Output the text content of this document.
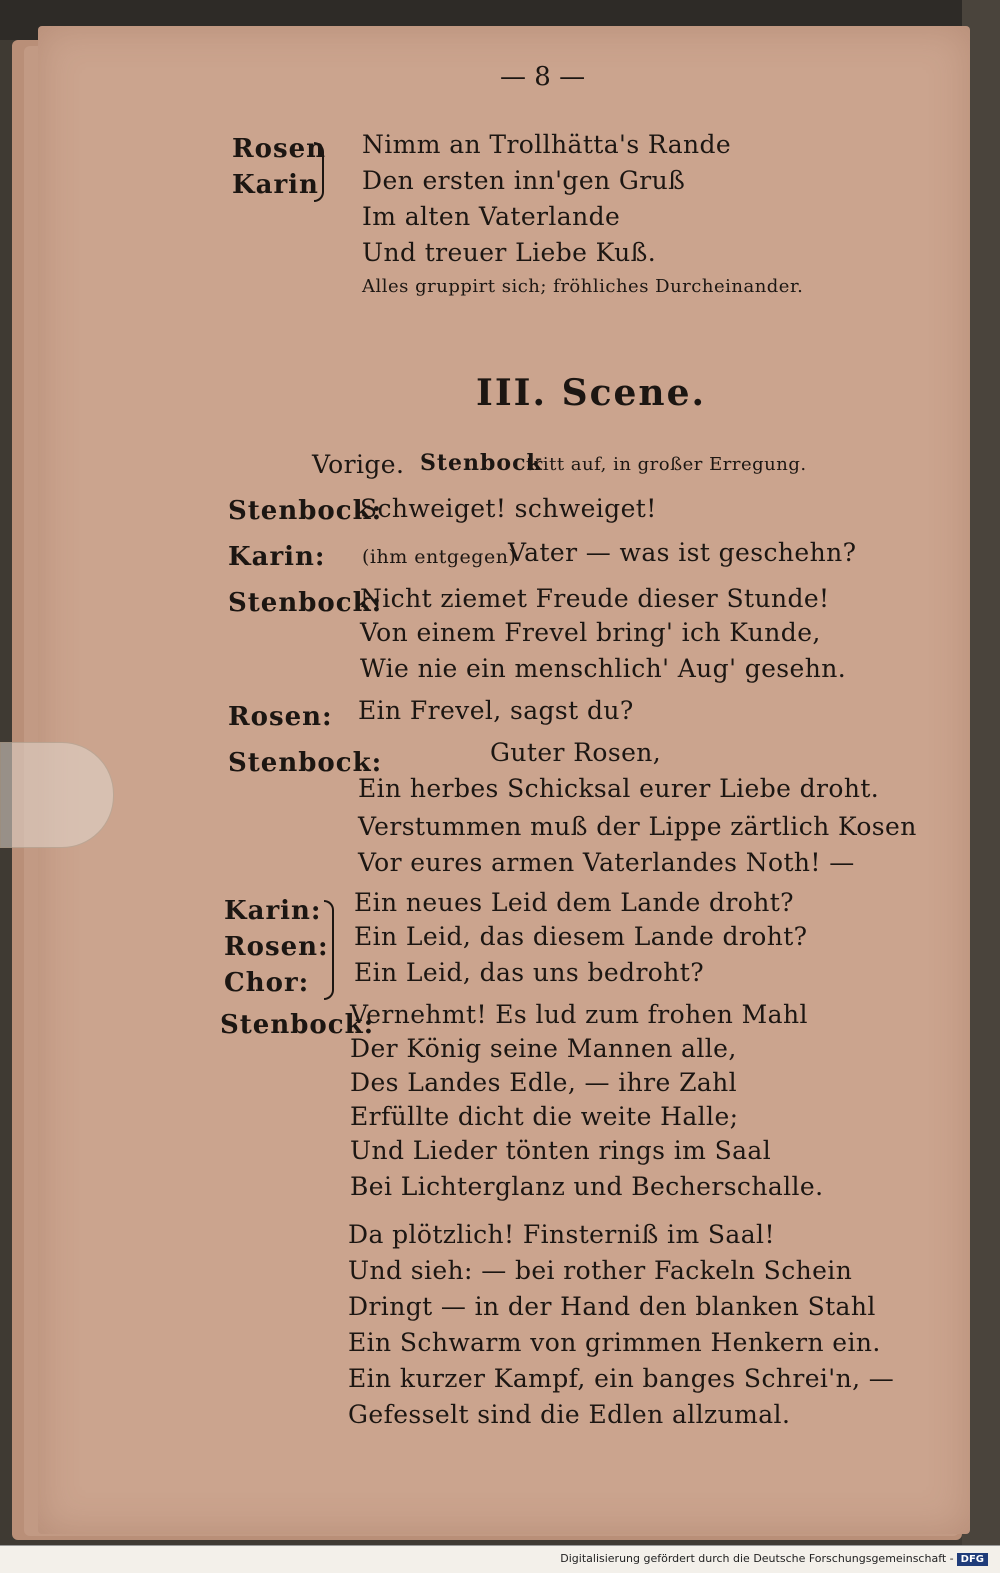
— 8 —
Rosen
Karin
Nimm an Trollhätta's Rande
Den ersten inn'gen Gruß
Im alten Vaterlande
Und treuer Liebe Kuß.
Alles gruppirt sich; fröhliches Durcheinander.
III. Scene.
Vorige. Stenbock
tritt auf, in großer Erregung.
Stenbock:
Schweiget! schweiget!
Karin: (ihm entgegen)
Vater — was ist geschehn?
Stenbock:
Nicht ziemet Freude dieser Stunde!
Von einem Frevel bring' ich Kunde,
Wie nie ein menschlich' Aug' gesehn.
Rosen: Ein Frevel, sagst du?
Stenbock:	Guter Rosen,
Ein herbes Schicksal eurer Liebe droht.
Verstummen muß der Lippe zärtlich Kosen
Vor eures armen Vaterlandes Noth! —
Karin:
Rosen:
Chor:
Ein neues Leid dem Lande droht?
Ein Leid, das diesem Lande droht?
Ein Leid, das uns bedroht?
Stenbock:
Vernehmt! Es lud zum frohen Mahl
Der König seine Mannen alle,
Des Landes Edle, — ihre Zahl
Erfüllte dicht die weite Halle;
Und Lieder tönten rings im Saal
Bei Lichterglanz und Becherschalle.
Da plötzlich! Finsterniß im Saal!
Und sieh: — bei rother Fackeln Schein
Dringt — in der Hand den blanken Stahl
Ein Schwarm von grimmen Henkern ein.
Ein kurzer Kampf, ein banges Schrei'n, —
Gefesselt sind die Edlen allzumal.
Digitalisierung gefördert durch die Deutsche Forschungsgemeinschaft - DFG
